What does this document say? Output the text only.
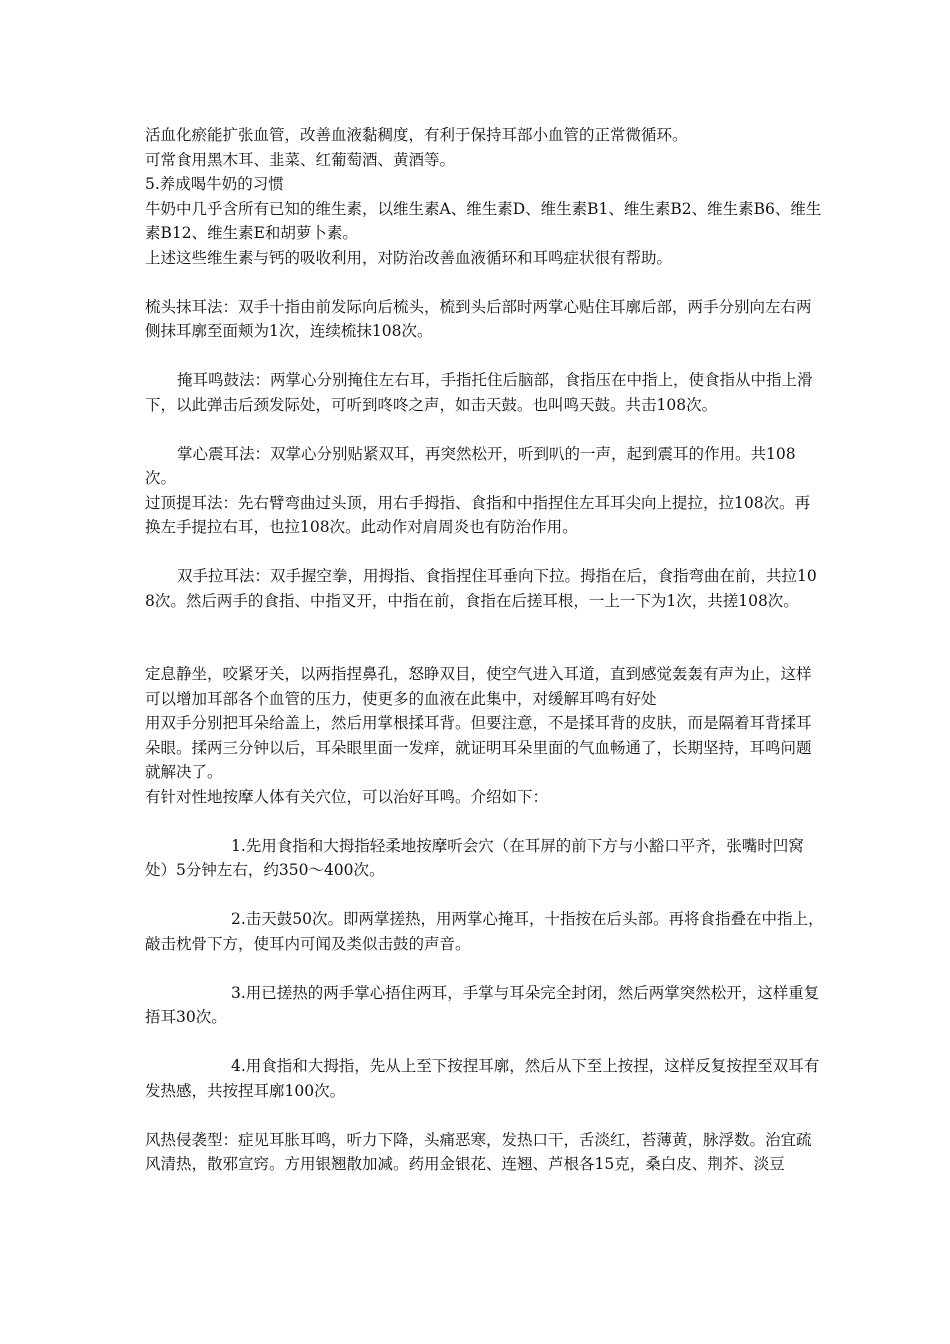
活血化瘀能扩张血管，改善血液黏稠度，有利于保持耳部小血管的正常微循环。

可常食用黑木耳、韭菜、红葡萄酒、黄酒等。

5.养成喝牛奶的习惯

牛奶中几乎含所有已知的维生素，以维生素A、维生素D、维生素B1、维生素B2、维生素B6、维生素B12、维生素E和胡萝卜素。

上述这些维生素与钙的吸收利用，对防治改善血液循环和耳鸣症状很有帮助。

梳头抹耳法：双手十指由前发际向后梳头，梳到头后部时两掌心贴住耳廓后部，两手分别向左右两侧抹耳廓至面颊为1次，连续梳抹108次。

掩耳鸣鼓法：两掌心分别掩住左右耳，手指托住后脑部，食指压在中指上，使食指从中指上滑下，以此弹击后颈发际处，可听到咚咚之声，如击天鼓。也叫鸣天鼓。共击108次。

掌心震耳法：双掌心分别贴紧双耳，再突然松开，听到叭的一声，起到震耳的作用。共108次。

过顶提耳法：先右臂弯曲过头顶，用右手拇指、食指和中指捏住左耳耳尖向上提拉，拉108次。再换左手提拉右耳，也拉108次。此动作对肩周炎也有防治作用。

双手拉耳法：双手握空拳，用拇指、食指捏住耳垂向下拉。拇指在后，食指弯曲在前，共拉108次。然后两手的食指、中指叉开，中指在前，食指在后搓耳根，一上一下为1次，共搓108次。

定息静坐，咬紧牙关，以两指捏鼻孔，怒睁双目，使空气进入耳道，直到感觉轰轰有声为止，这样可以增加耳部各个血管的压力，使更多的血液在此集中，对缓解耳鸣有好处

用双手分别把耳朵给盖上，然后用掌根揉耳背。但要注意，不是揉耳背的皮肤，而是隔着耳背揉耳朵眼。揉两三分钟以后，耳朵眼里面一发痒，就证明耳朵里面的气血畅通了，长期坚持，耳鸣问题就解决了。

有针对性地按摩人体有关穴位，可以治好耳鸣。介绍如下：

1.先用食指和大拇指轻柔地按摩听会穴（在耳屏的前下方与小豁口平齐，张嘴时凹窝处）5分钟左右，约350～400次。

2.击天鼓50次。即两掌搓热，用两掌心掩耳，十指按在后头部。再将食指叠在中指上，敲击枕骨下方，使耳内可闻及类似击鼓的声音。

3.用已搓热的两手掌心捂住两耳，手掌与耳朵完全封闭，然后两掌突然松开，这样重复捂耳30次。

4.用食指和大拇指，先从上至下按捏耳廓，然后从下至上按捏，这样反复按捏至双耳有发热感，共按捏耳廓100次。

风热侵袭型：症见耳胀耳鸣，听力下降，头痛恶寒，发热口干，舌淡红，苔薄黄，脉浮数。治宜疏风清热，散邪宣窍。方用银翘散加减。药用金银花、连翘、芦根各15克，桑白皮、荆芥、淡豆
